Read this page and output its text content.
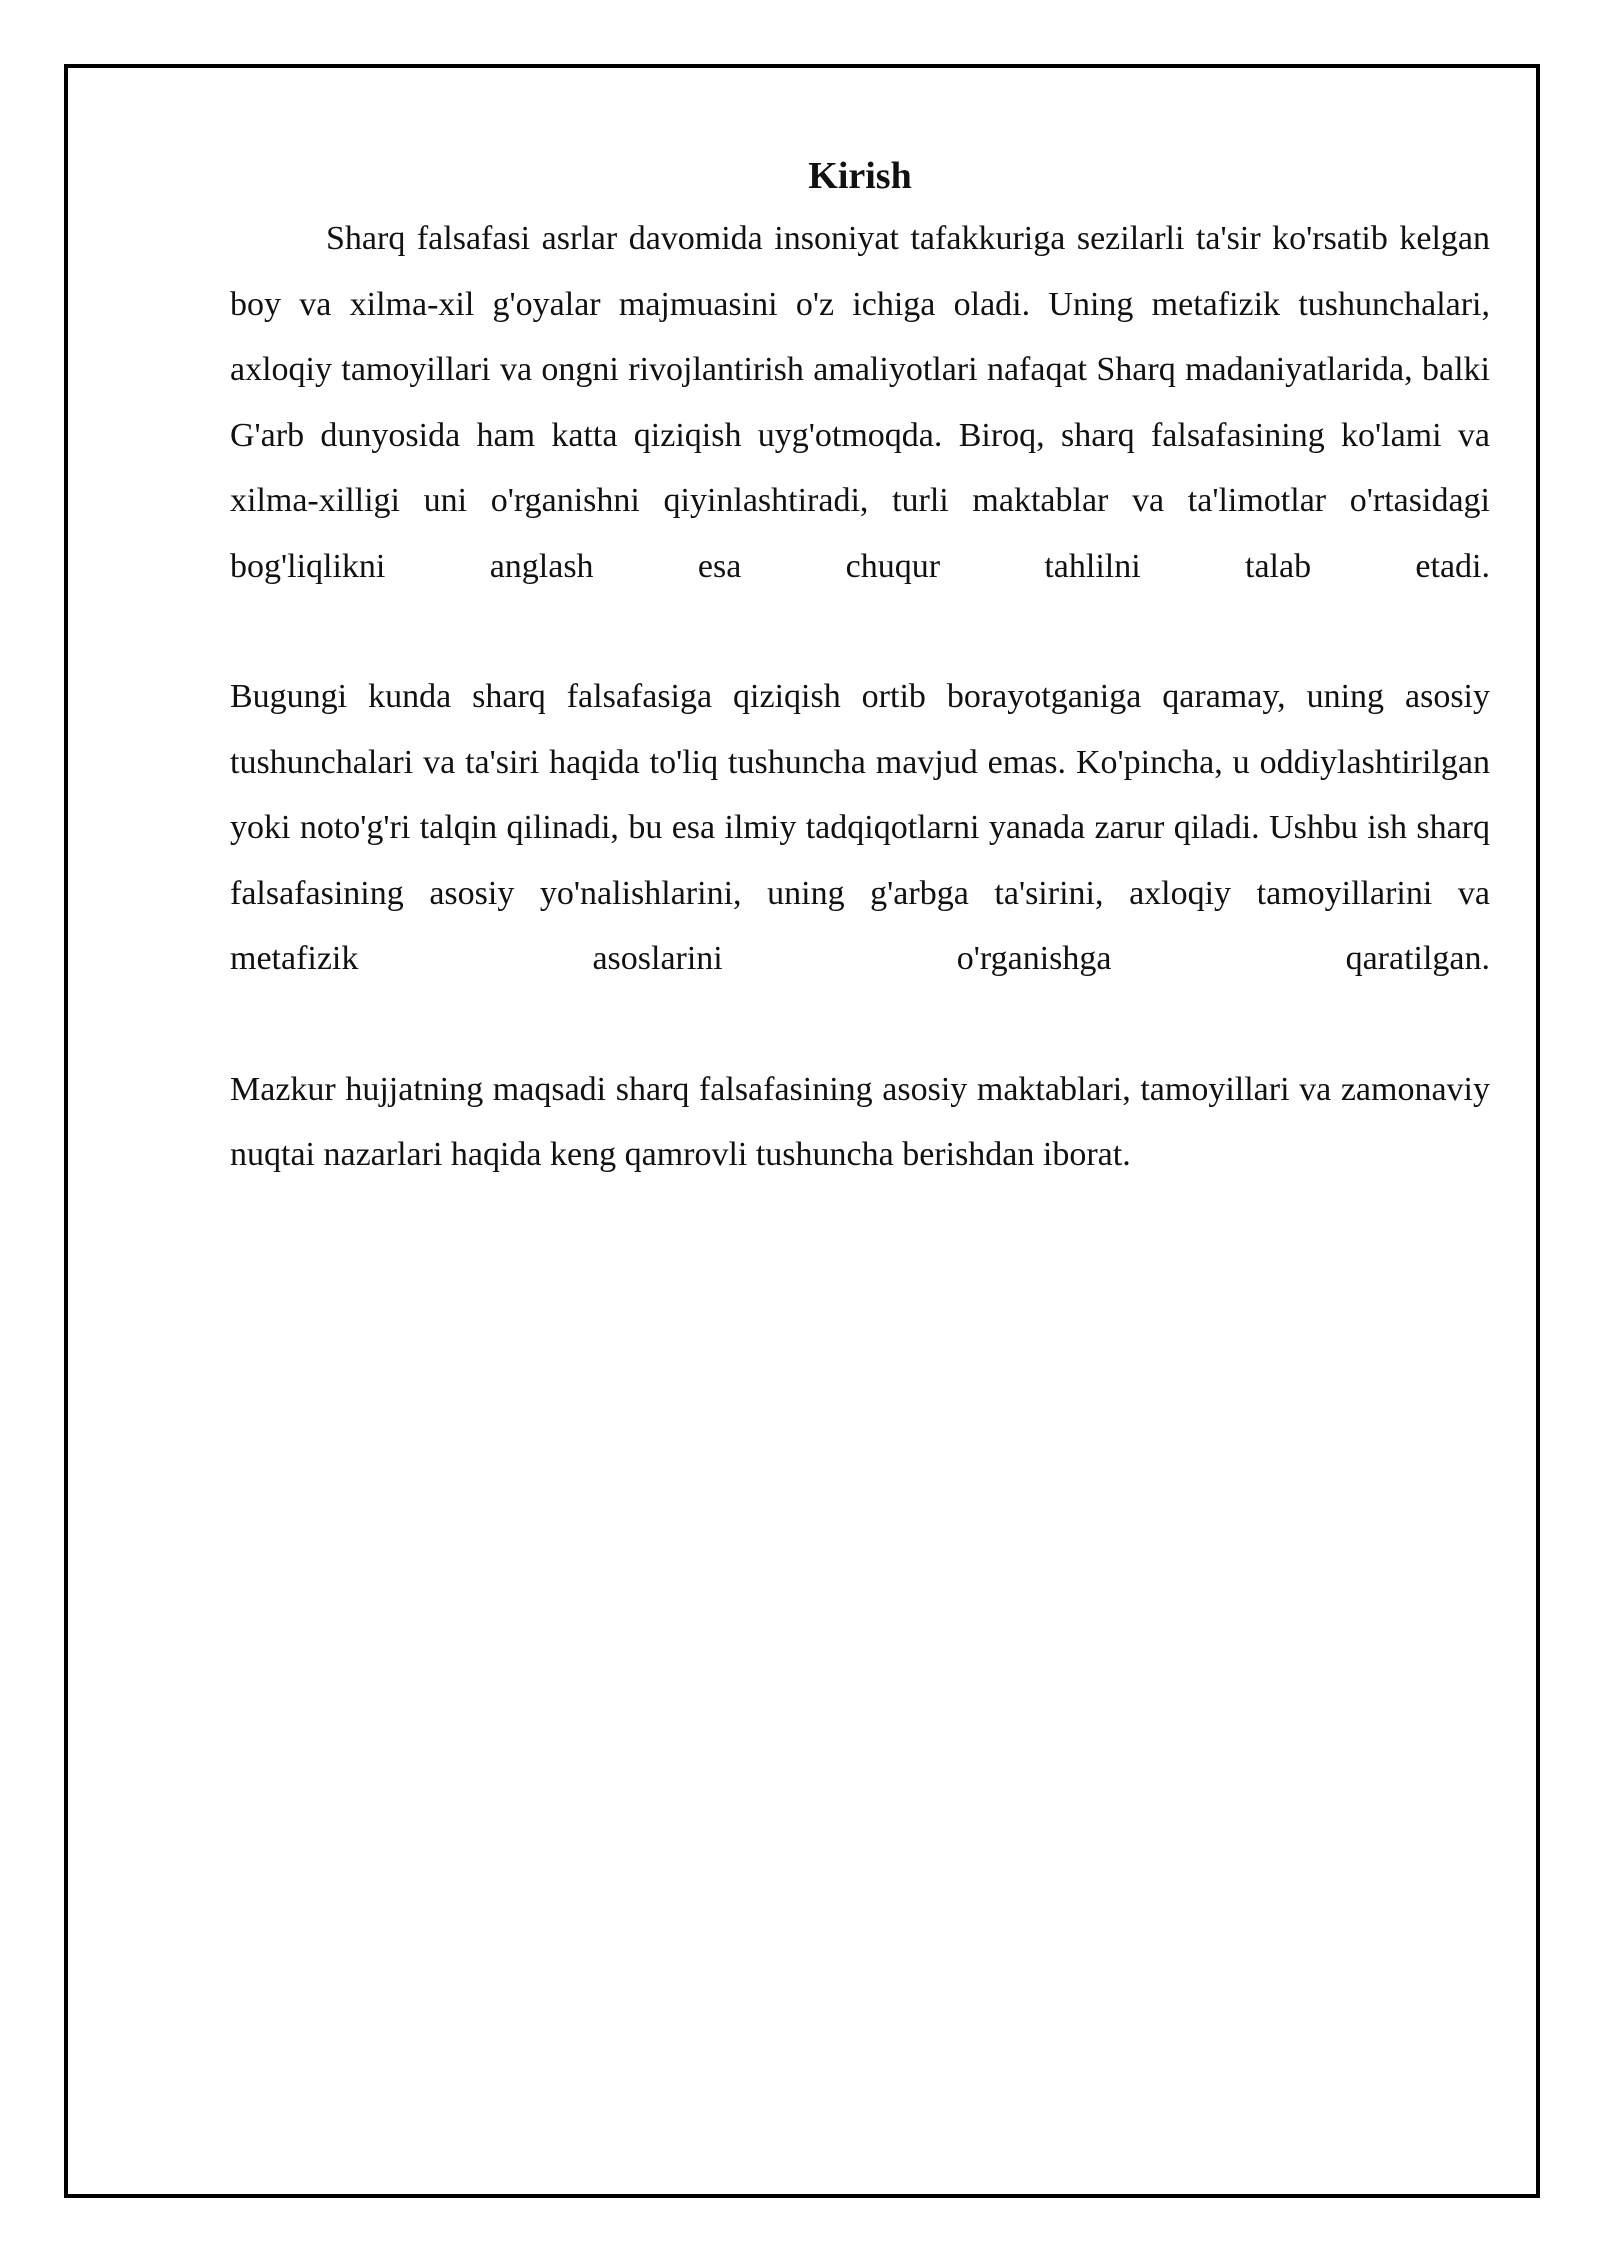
Kirish

Sharq falsafasi asrlar davomida insoniyat tafakkuriga sezilarli ta'sir ko'rsatib kelgan boy va xilma-xil g'oyalar majmuasini o'z ichiga oladi. Uning metafizik tushunchalari, axloqiy tamoyillari va ongni rivojlantirish amaliyotlari nafaqat Sharq madaniyatlarida, balki G'arb dunyosida ham katta qiziqish uyg'otmoqda. Biroq, sharq falsafasining ko'lami va xilma-xilligi uni o'rganishni qiyinlashtiradi, turli maktablar va ta'limotlar o'rtasidagi bog'liqlikni anglash esa chuqur tahlilni talab etadi.

Bugungi kunda sharq falsafasiga qiziqish ortib borayotganiga qaramay, uning asosiy tushunchalari va ta'siri haqida to'liq tushuncha mavjud emas. Ko'pincha, u oddiylashtirilgan yoki noto'g'ri talqin qilinadi, bu esa ilmiy tadqiqotlarni yanada zarur qiladi. Ushbu ish sharq falsafasining asosiy yo'nalishlarini, uning g'arbga ta'sirini, axloqiy tamoyillarini va metafizik asoslarini o'rganishga qaratilgan.

Mazkur hujjatning maqsadi sharq falsafasining asosiy maktablari, tamoyillari va zamonaviy nuqtai nazarlari haqida keng qamrovli tushuncha berishdan iborat.
